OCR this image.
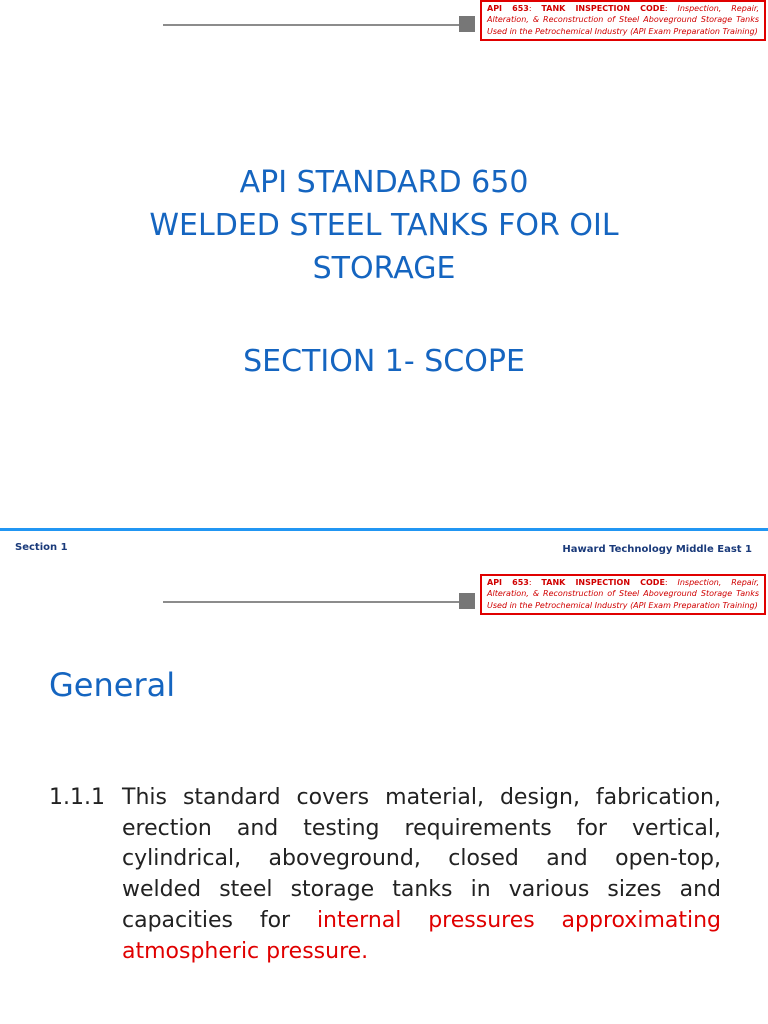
API 653: TANK INSPECTION CODE: Inspection, Repair, Alteration, & Reconstruction of Steel Aboveground Storage Tanks Used in the Petrochemical Industry (API Exam Preparation Training)
API STANDARD 650
WELDED STEEL TANKS FOR OIL
STORAGE
SECTION 1- SCOPE
Section 1	Haward Technology Middle East 1
API 653: TANK INSPECTION CODE: Inspection, Repair, Alteration, & Reconstruction of Steel Aboveground Storage Tanks Used in the Petrochemical Industry (API Exam Preparation Training)
General
1.1.1 This standard covers material, design, fabrication, erection and testing requirements for vertical, cylindrical, aboveground, closed and open-top, welded steel storage tanks in various sizes and capacities for internal pressures approximating atmospheric pressure.
